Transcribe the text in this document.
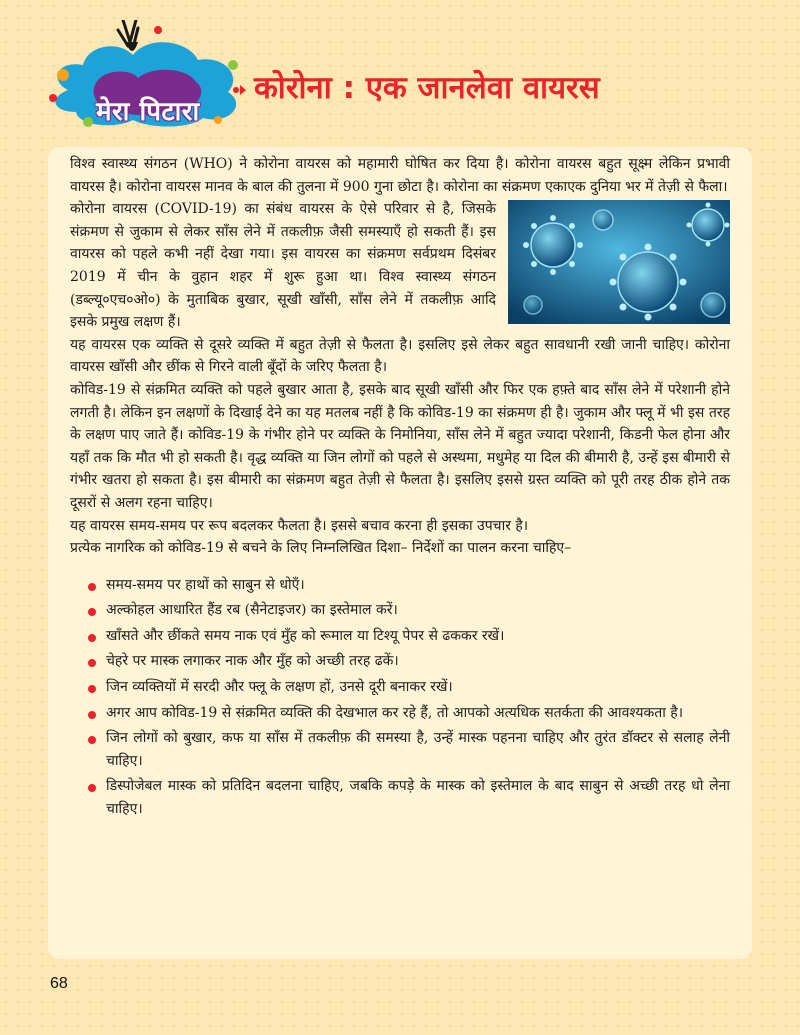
मेरा पिटारा
कोरोना : एक जानलेवा वायरस

विश्व स्वास्थ्य संगठन (WHO) ने कोरोना वायरस को महामारी घोषित कर दिया है। कोरोना वायरस बहुत सूक्ष्म लेकिन प्रभावी वायरस है। कोरोना वायरस मानव के बाल की तुलना में 900 गुना छोटा है। कोरोना का संक्रमण एकाएक दुनिया भर में तेज़ी से फैला।

कोरोना वायरस (COVID-19) का संबंध वायरस के ऐसे परिवार से है, जिसके संक्रमण से जुकाम से लेकर साँस लेने में तकलीफ़ जैसी समस्याएँ हो सकती हैं। इस वायरस को पहले कभी नहीं देखा गया। इस वायरस का संक्रमण सर्वप्रथम दिसंबर 2019 में चीन के वुहान शहर में शुरू हुआ था। विश्व स्वास्थ्य संगठन (डब्ल्यू०एच०ओ०) के मुताबिक बुखार, सूखी खाँसी, साँस लेने में तकलीफ़ आदि इसके प्रमुख लक्षण हैं।

यह वायरस एक व्यक्ति से दूसरे व्यक्ति में बहुत तेज़ी से फैलता है। इसलिए इसे लेकर बहुत सावधानी रखी जानी चाहिए। कोरोना वायरस खाँसी और छींक से गिरने वाली बूँदों के जरिए फैलता है।

कोविड-19 से संक्रमित व्यक्ति को पहले बुखार आता है, इसके बाद सूखी खाँसी और फिर एक हफ़्ते बाद साँस लेने में परेशानी होने लगती है। लेकिन इन लक्षणों के दिखाई देने का यह मतलब नहीं है कि कोविड-19 का संक्रमण ही है। जुकाम और फ्लू में भी इस तरह के लक्षण पाए जाते हैं। कोविड-19 के गंभीर होने पर व्यक्ति के निमोनिया, साँस लेने में बहुत ज्यादा परेशानी, किडनी फेल होना और यहाँ तक कि मौत भी हो सकती है। वृद्ध व्यक्ति या जिन लोगों को पहले से अस्थमा, मधुमेह या दिल की बीमारी है, उन्हें इस बीमारी से गंभीर खतरा हो सकता है। इस बीमारी का संक्रमण बहुत तेज़ी से फैलता है। इसलिए इससे ग्रस्त व्यक्ति को पूरी तरह ठीक होने तक दूसरों से अलग रहना चाहिए।

यह वायरस समय-समय पर रूप बदलकर फैलता है। इससे बचाव करना ही इसका उपचार है।

प्रत्येक नागरिक को कोविड-19 से बचने के लिए निम्नलिखित दिशा– निर्देशों का पालन करना चाहिए–

समय-समय पर हाथों को साबुन से धोएँ।
अल्कोहल आधारित हैंड रब (सैनेटाइजर) का इस्तेमाल करें।
खाँसते और छींकते समय नाक एवं मुँह को रूमाल या टिश्यू पेपर से ढककर रखें।
चेहरे पर मास्क लगाकर नाक और मुँह को अच्छी तरह ढकें।
जिन व्यक्तियों में सरदी और फ्लू के लक्षण हों, उनसे दूरी बनाकर रखें।
अगर आप कोविड-19 से संक्रमित व्यक्ति की देखभाल कर रहे हैं, तो आपको अत्यधिक सतर्कता की आवश्यकता है।
जिन लोगों को बुखार, कफ या साँस में तकलीफ़ की समस्या है, उन्हें मास्क पहनना चाहिए और तुरंत डॉक्टर से सलाह लेनी चाहिए।
डिस्पोजेबल मास्क को प्रतिदिन बदलना चाहिए, जबकि कपड़े के मास्क को इस्तेमाल के बाद साबुन से अच्छी तरह धो लेना चाहिए।
68
